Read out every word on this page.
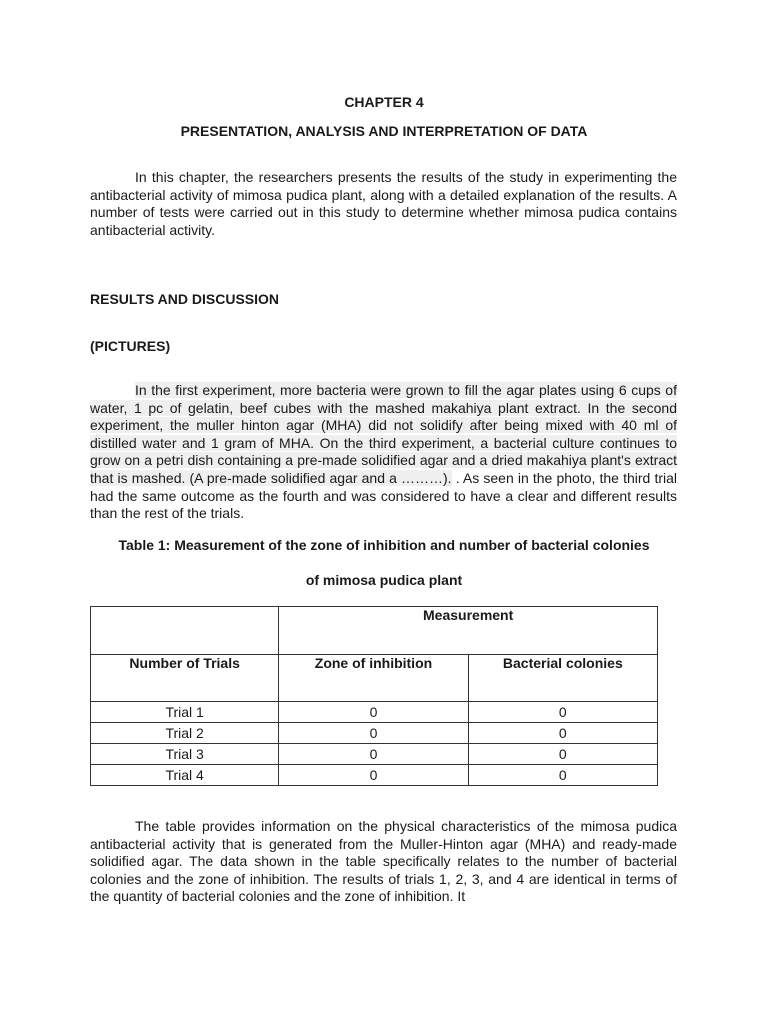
CHAPTER 4
PRESENTATION, ANALYSIS AND INTERPRETATION OF DATA

In this chapter, the researchers presents the results of the study in experimenting the antibacterial activity of mimosa pudica plant, along with a detailed explanation of the results. A number of tests were carried out in this study to determine whether mimosa pudica contains antibacterial activity.

RESULTS AND DISCUSSION
(PICTURES)

In the first experiment, more bacteria were grown to fill the agar plates using 6 cups of water, 1 pc of gelatin, beef cubes with the mashed makahiya plant extract. In the second experiment, the muller hinton agar (MHA) did not solidify after being mixed with 40 ml of distilled water and 1 gram of MHA. On the third experiment, a bacterial culture continues to grow on a petri dish containing a pre-made solidified agar and a dried makahiya plant's extract that is mashed. (A pre-made solidified agar and a ………). . As seen in the photo, the third trial had the same outcome as the fourth and was considered to have a clear and different results than the rest of the trials.

Table 1: Measurement of the zone of inhibition and number of bacterial colonies
of mimosa pudica plant
	Measurement	
Number of Trials	Zone of inhibition	Bacterial colonies
Trial 1	0	0
Trial 2	0	0
Trial 3	0	0
Trial 4	0	0

The table provides information on the physical characteristics of the mimosa pudica antibacterial activity that is generated from the Muller-Hinton agar (MHA) and ready-made solidified agar. The data shown in the table specifically relates to the number of bacterial colonies and the zone of inhibition. The results of trials 1, 2, 3, and 4 are identical in terms of the quantity of bacterial colonies and the zone of inhibition. It
